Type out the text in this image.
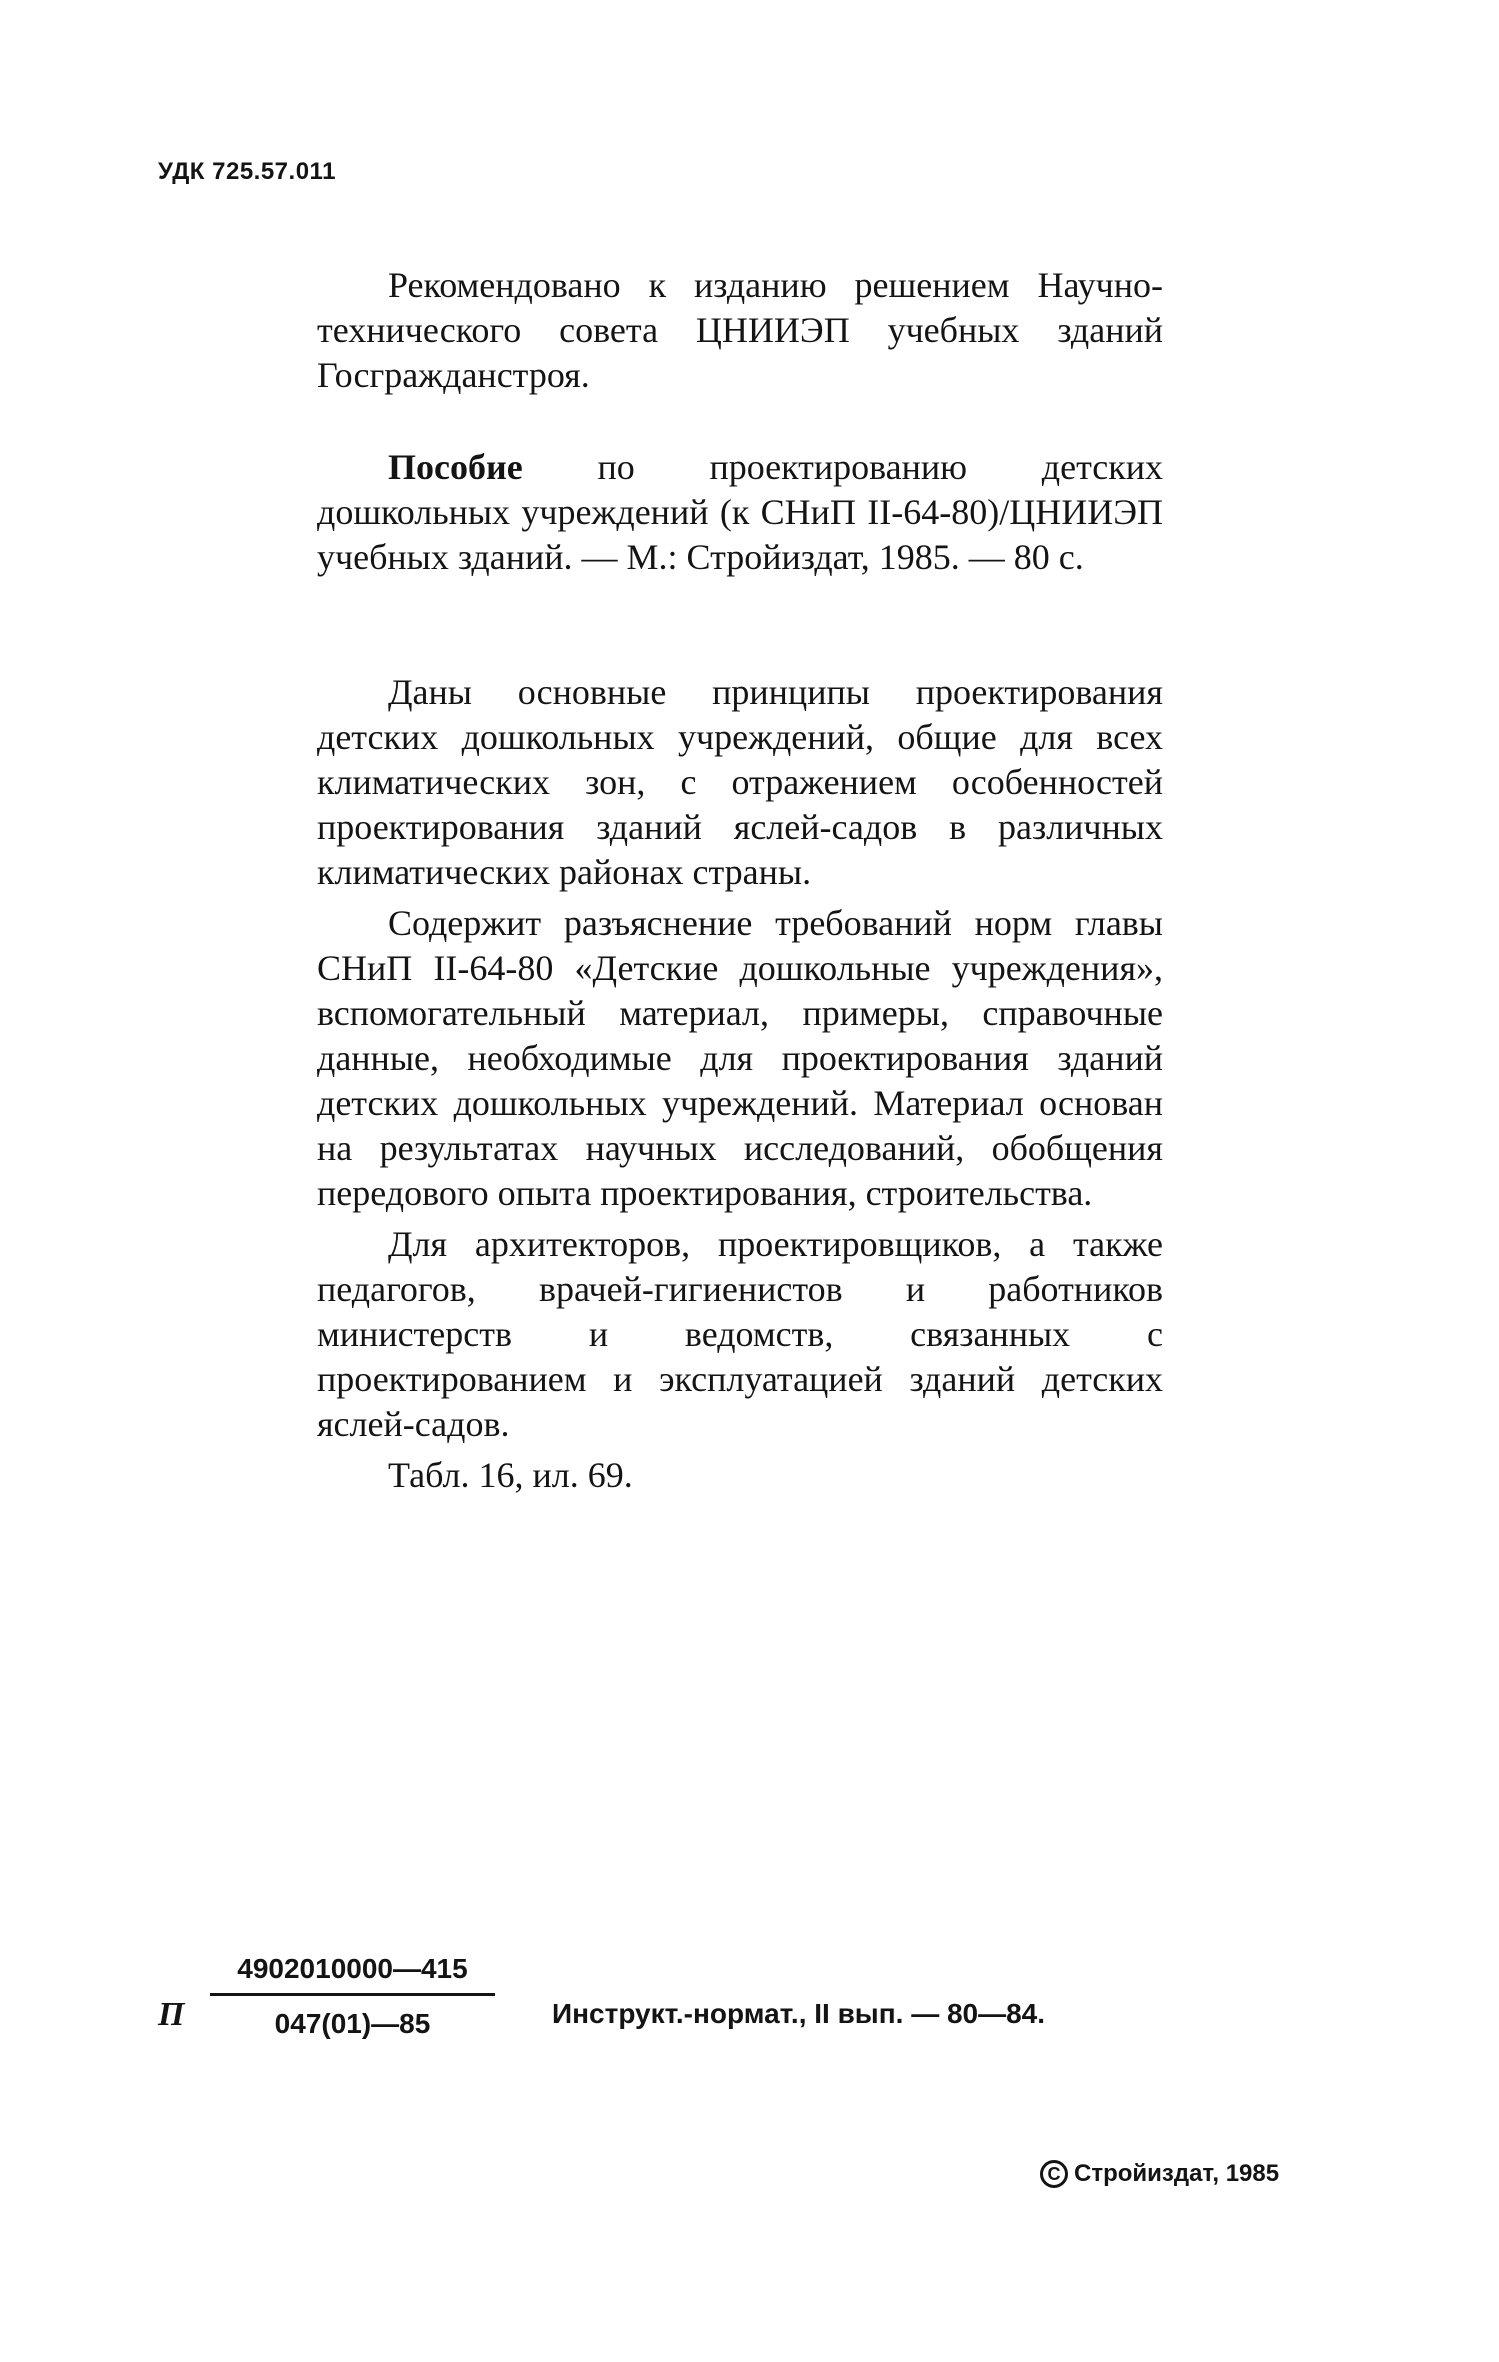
УДК 725.57.011
Рекомендовано к изданию решением Научно-технического совета ЦНИИЭП учебных зданий Госгражданстроя.
Пособие по проектированию детских дошкольных учреждений (к СНиП II-64-80)/ЦНИИЭП учебных зданий. — М.: Стройиздат, 1985. — 80 с.

Даны основные принципы проектирования детских дошкольных учреждений, общие для всех климатических зон, с отражением особенностей проектирования зданий яслей-садов в различных климатических районах страны.

Содержит разъяснение требований норм главы СНиП II-64-80 «Детские дошкольные учреждения», вспомогательный материал, примеры, справочные данные, необходимые для проектирования зданий детских дошкольных учреждений. Материал основан на результатах научных исследований, обобщения передового опыта проектирования, строительства.

Для архитекторов, проектировщиков, а также педагогов, врачей-гигиенистов и работников министерств и ведомств, связанных с проектированием и эксплуатацией зданий детских яслей-садов.

Табл. 16, ил. 69.

П
4902010000—415
047(01)—85	Инструкт.-нормат., II вып. — 80—84.
C Стройиздат, 1985
